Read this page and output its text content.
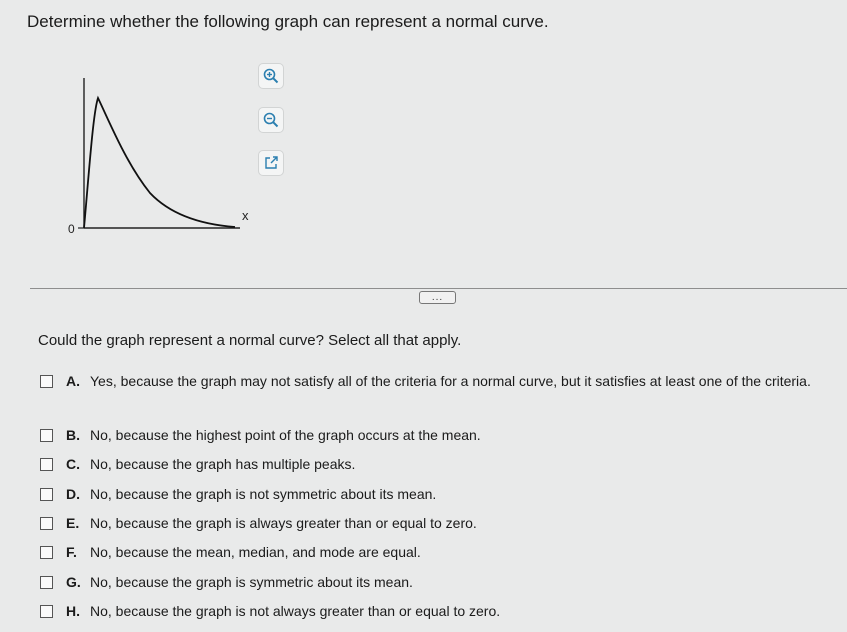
Determine whether the following graph can represent a normal curve.
0
x
...

Could the graph represent a normal curve? Select all that apply.

A. Yes, because the graph may not satisfy all of the criteria for a normal curve, but it satisfies at least one of the criteria.
B. No, because the highest point of the graph occurs at the mean.
C. No, because the graph has multiple peaks.
D. No, because the graph is not symmetric about its mean.
E. No, because the graph is always greater than or equal to zero.
F. No, because the mean, median, and mode are equal.
G. No, because the graph is symmetric about its mean.
H. No, because the graph is not always greater than or equal to zero.
